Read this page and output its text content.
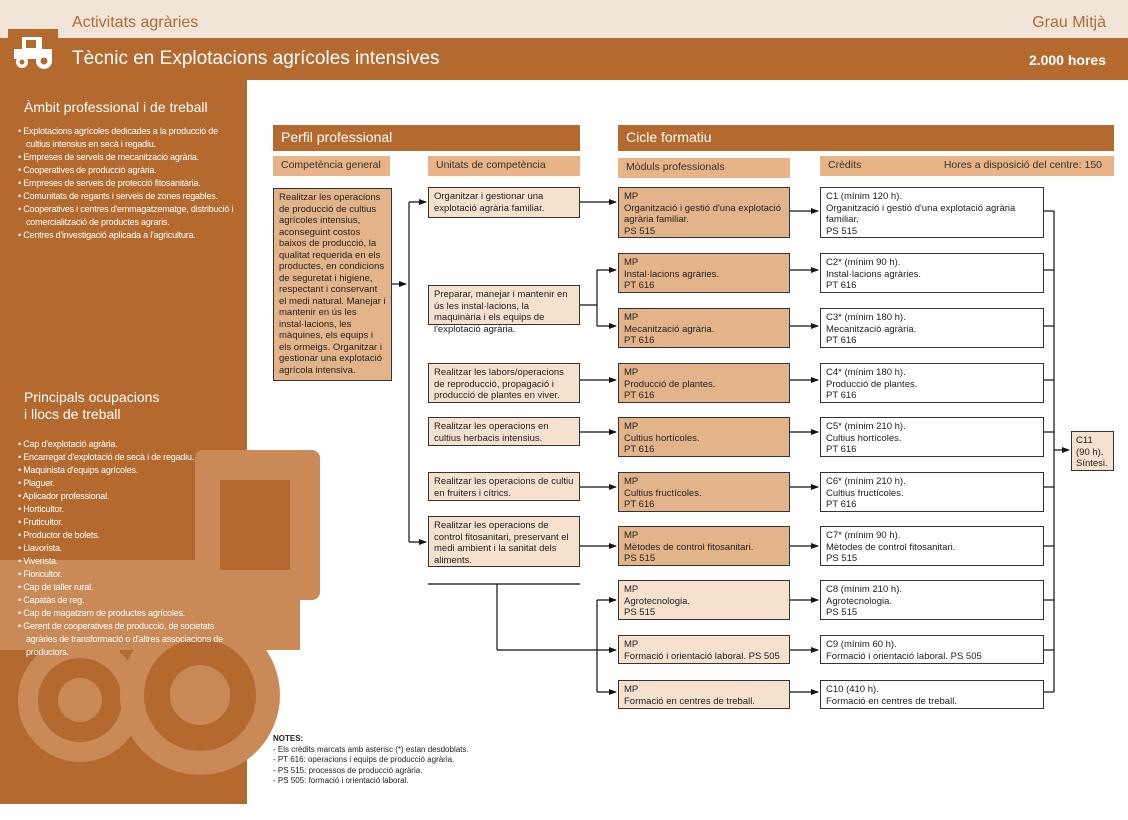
Activitats agràries	Grau Mitjà
Tècnic en Explotacions agrícoles intensives	2.000 hores
Àmbit professional i de treball
• Explotacions agrícoles dedicades a la producció de cultius intensius en secà i regadiu.
• Empreses de serveis de mecanització agrària.
• Cooperatives de producció agrària.
• Empreses de serveis de protecció fitosanitària.
• Comunitats de regants i serveis de zones regables.
• Cooperatives i centres d'emmagatzematge, distribució i comercialització de productes agraris.
• Centres d'investigació aplicada a l'agricultura.
Principals ocupacions
i llocs de treball
• Cap d'explotació agrària.
• Encarregat d'explotació de secà i de regadiu.
• Maquinista d'equips agrícoles.
• Plaguer.
• Aplicador professional.
• Horticultor.
• Fruticultor.
• Productor de bolets.
• Llavorista.
• Viverista.
• Floricultor.
• Cap de taller rural.
• Capatàs de reg.
• Cap de magatzem de productes agrícoles.
• Gerent de cooperatives de producció, de societats agràries de transformació o d'altres associacions de productors.
Perfil professional	Cicle formatiu
Competència general	Unitats de competència	Mòduls professionals	Crèdits	Hores a disposició del centre: 150
Realitzar les operacions de producció de cultius agrícoles intensius, aconseguint costos baixos de producció, la qualitat requerida en els productes, en condicions de seguretat i higiene, respectant i conservant el medi natural. Manejar i mantenir en ús les instal·lacions, les màquines, els equips i els ormeigs. Organitzar i gestionar una explotació agrícola intensiva.
Organitzar i gestionar una explotació agrària familiar.
Preparar, manejar i mantenir en ús les instal·lacions, la maquinària i els equips de l'explotació agrària.
Realitzar les labors/operacions de reproducció, propagació i producció de plantes en viver.
Realitzar les operacions en cultius herbacis intensius.
Realitzar les operacions de cultiu en fruiters i cítrics.
Realitzar les operacions de control fitosanitari, preservant el medi ambient i la sanitat dels aliments.
MP
Organització i gestió d'una explotació agrària familiar.
PS 515
MP
Instal·lacions agràries.
PT 616
MP
Mecanització agrària.
PT 616
MP
Producció de plantes.
PT 616
MP
Cultius hortícoles.
PT 616
MP
Cultius fructícoles.
PT 616
MP
Mètodes de control fitosanitari.
PS 515
MP
Agrotecnologia.
PS 515
MP
Formació i orientació laboral. PS 505
MP
Formació en centres de treball.
C1 (mínim 120 h).
Organització i gestió d'una explotació agrària familiar.
PS 515
C2* (mínim 90 h).
Instal·lacions agràries.
PT 616
C3* (mínim 180 h).
Mecanització agrària.
PT 616
C4* (mínim 180 h).
Producció de plantes.
PT 616
C5* (mínim 210 h).
Cultius hortícoles.
PT 616
C6* (mínim 210 h).
Cultius fructícoles.
PT 616
C7* (mínim 90 h).
Mètodes de control fitosanitari.
PS 515
C8 (mínim 210 h).
Agrotecnologia.
PS 515
C9 (mínim 60 h).
Formació i orientació laboral. PS 505
C10 (410 h).
Formació en centres de treball.
C11
(90 h).
Síntesi.
NOTES:
- Els crèdits marcats amb asterisc (*) estan desdoblats.
- PT 616: operacions i equips de producció agrària.
- PS 515: processos de producció agrària.
- PS 505: formació i orientació laboral.
